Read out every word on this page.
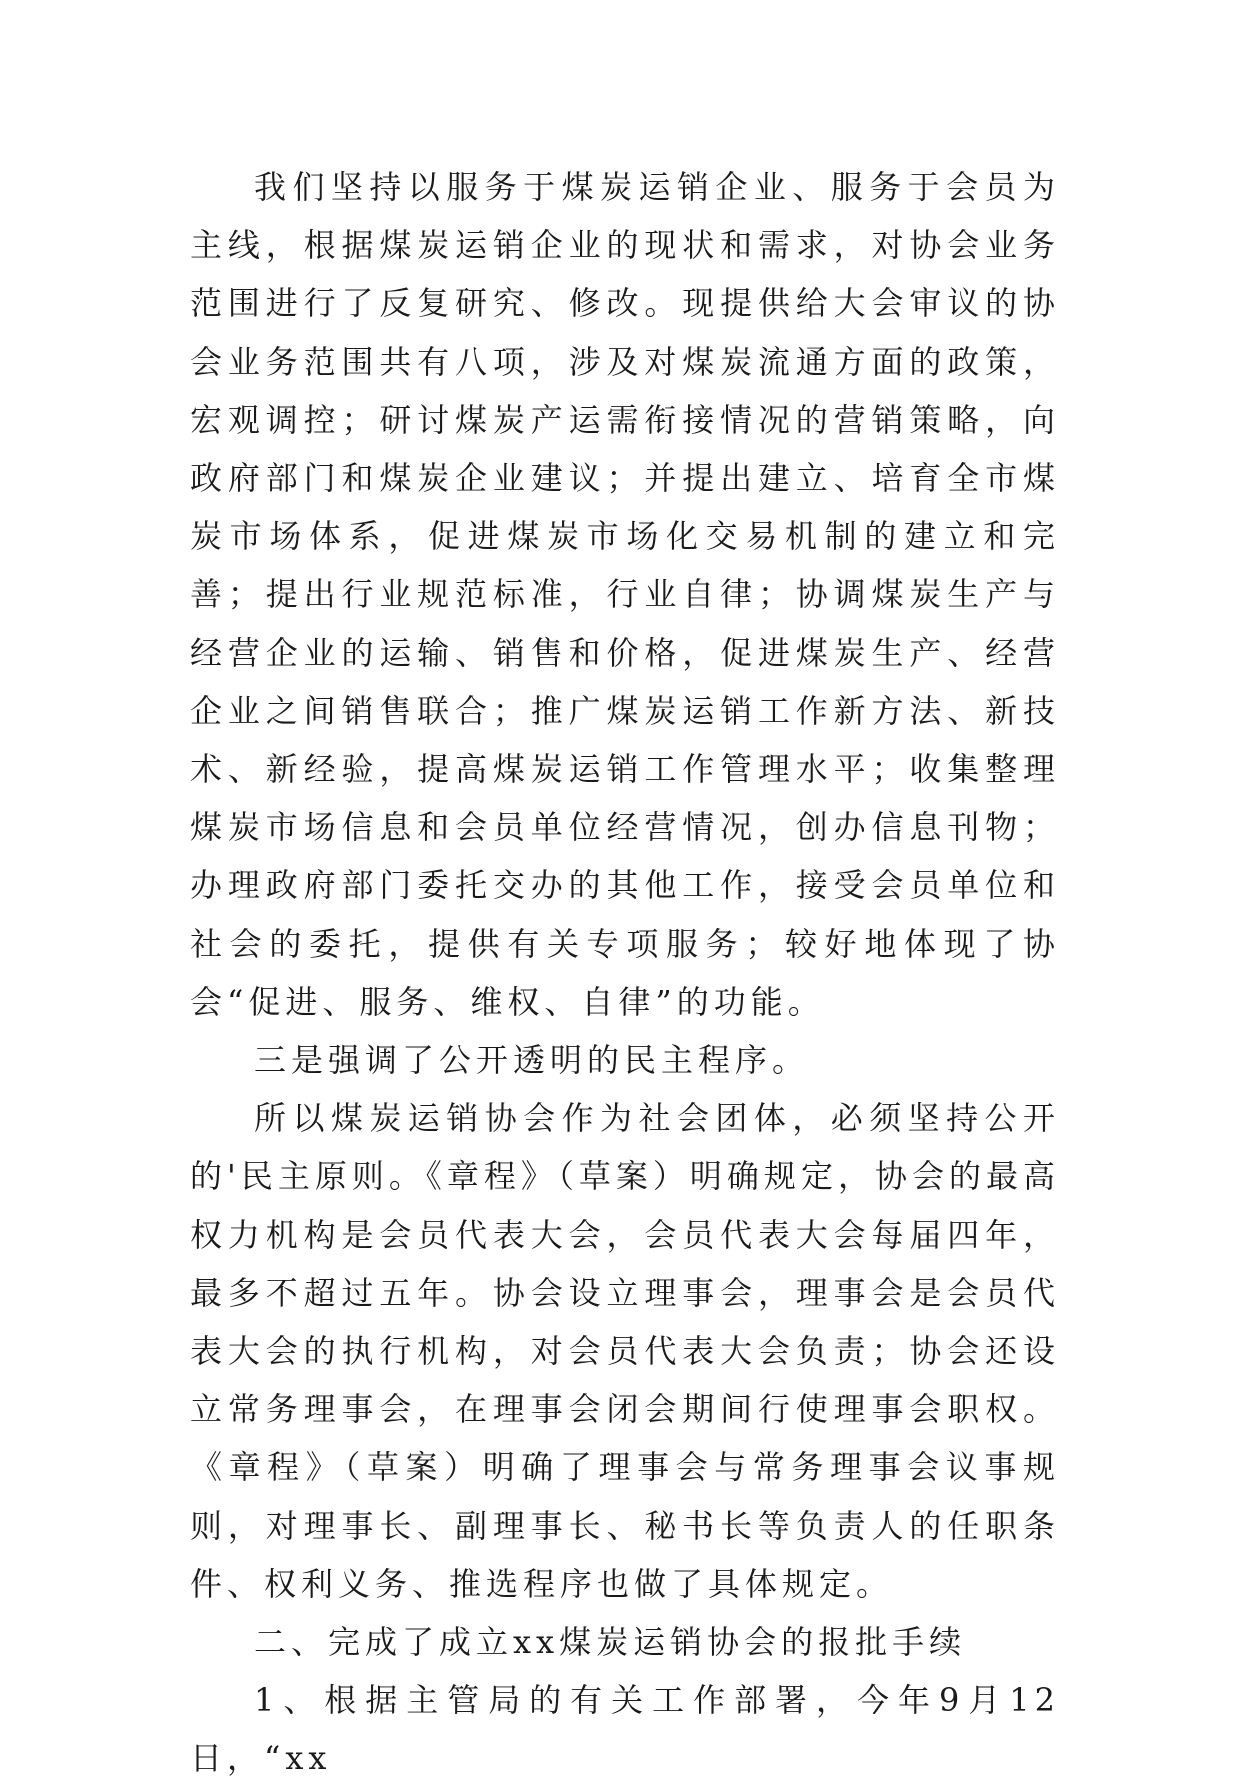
我们坚持以服务于煤炭运销企业、服务于会员为主线，根据煤炭运销企业的现状和需求，对协会业务范围进行了反复研究、修改。现提供给大会审议的协会业务范围共有八项，涉及对煤炭流通方面的政策，宏观调控；研讨煤炭产运需衔接情况的营销策略，向政府部门和煤炭企业建议；并提出建立、培育全市煤炭市场体系，促进煤炭市场化交易机制的建立和完善；提出行业规范标准，行业自律；协调煤炭生产与经营企业的运输、销售和价格，促进煤炭生产、经营企业之间销售联合；推广煤炭运销工作新方法、新技术、新经验，提高煤炭运销工作管理水平；收集整理煤炭市场信息和会员单位经营情况，创办信息刊物；办理政府部门委托交办的其他工作，接受会员单位和社会的委托，提供有关专项服务；较好地体现了协会“促进、服务、维权、自律”的功能。

三是强调了公开透明的民主程序。

所以煤炭运销协会作为社会团体，必须坚持公开的'民主原则。《章程》（草案）明确规定，协会的最高权力机构是会员代表大会，会员代表大会每届四年，最多不超过五年。协会设立理事会，理事会是会员代表大会的执行机构，对会员代表大会负责；协会还设立常务理事会，在理事会闭会期间行使理事会职权。《章程》（草案）明确了理事会与常务理事会议事规则，对理事长、副理事长、秘书长等负责人的任职条件、权利义务、推选程序也做了具体规定。

二、完成了成立xx煤炭运销协会的报批手续

1、根据主管局的有关工作部署，今年9月12日，“xx
